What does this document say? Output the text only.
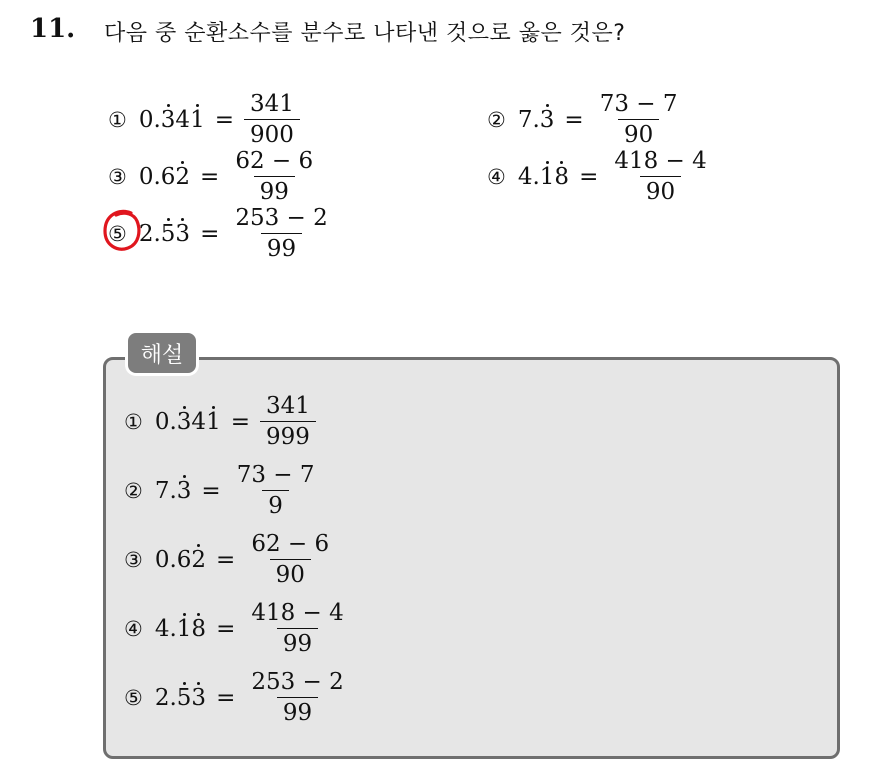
11. 다음 중 순환소수를 분수로 나타낸 것으로 옳은 것은?
① $0.341 = \frac{341}{900}$	② $7.3 = \frac{73 - 7}{90}$
③ $0.62 = \frac{62 - 6}{99}$	④ $4.18 = \frac{418 - 4}{90}$
⑤ $2.53 = \frac{253 - 2}{99}$
해설
① $0.341 = \frac{341}{999}$
② $7.3 = \frac{73 - 7}{9}$
③ $0.62 = \frac{62 - 6}{90}$
④ $4.18 = \frac{418 - 4}{99}$
⑤ $2.53 = \frac{253 - 2}{99}$
